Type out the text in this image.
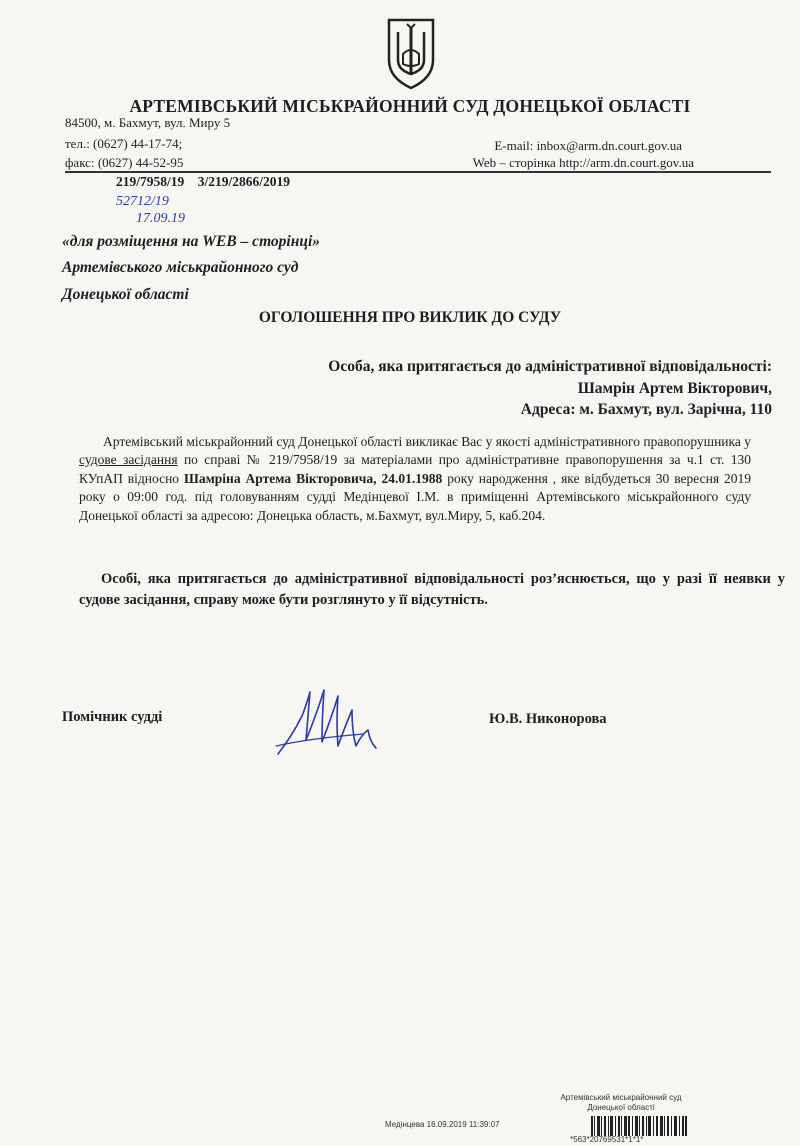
АРТЕМІВСЬКИЙ МІСЬКРАЙОННИЙ СУД ДОНЕЦЬКОЇ ОБЛАСТІ
84500, м. Бахмут, вул. Миру 5
тел.: (0627) 44-17-74;
факс: (0627) 44-52-95
E-mail: inbox@arm.dn.court.gov.ua
Web – сторінка http://arm.dn.court.gov.ua
219/7958/19    3/219/2866/2019
52712/19
17.09.19
«для розміщення на WEB – сторінці»
Артемівського міськрайонного суд
Донецької області
ОГОЛОШЕННЯ ПРО ВИКЛИК ДО СУДУ
Особа, яка притягається до адміністративної відповідальності:
Шамрін Артем Вікторович,
Адреса: м. Бахмут, вул. Зарічна, 110

Артемівський міськрайонний суд Донецької області викликає Вас у якості адміністративного правопорушника у судове засідання по справі № 219/7958/19 за матеріалами про адміністративне правопорушення за ч.1 ст. 130 КУпАП відносно Шамріна Артема Вікторовича, 24.01.1988 року народження , яке відбудеться 30 вересня 2019 року о 09:00 год. під головуванням судді Медінцевої І.М. в приміщенні Артемівського міськрайонного суду Донецької області за адресою: Донецька область, м.Бахмут, вул.Миру, 5, каб.204.

Особі, яка притягається до адміністративної відповідальності роз’яснюється, що у разі її неявки у судове засідання, справу може бути розглянуто у її відсутність.

Помічник судді	Ю.В. Никонорова
Артемівський міськрайонний суд
Донецької області
Медінцева 16.09.2019 11:39:07
*563*20769531*1*1*
